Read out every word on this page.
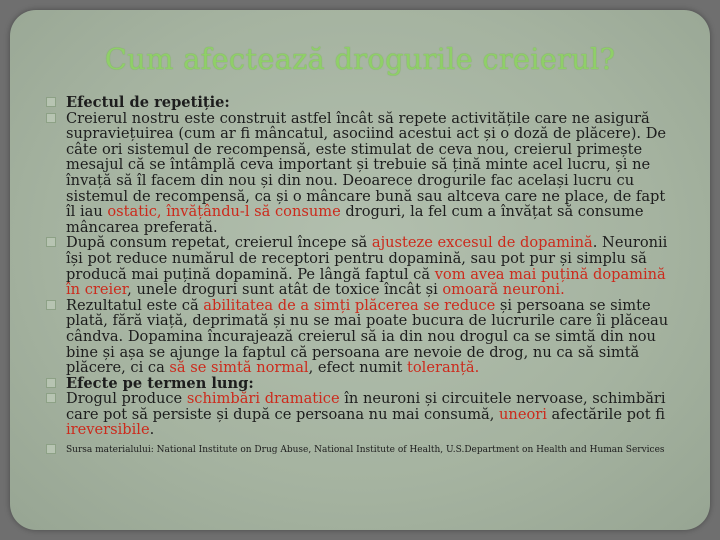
Cum afectează drogurile creierul?
Efectul de repetiție:
Creierul nostru este construit astfel încât să repete activitățile care ne asigură supraviețuirea (cum ar fi mâncatul, asociind acestui act și o doză de plăcere). De câte ori sistemul de recompensă, este stimulat de ceva nou, creierul primește mesajul că se întâmplă ceva important și trebuie să țină minte acel lucru, și ne învață să îl facem din nou și din nou. Deoarece drogurile fac același lucru cu sistemul de recompensă, ca și o mâncare bună sau altceva care ne place, de fapt îl iau ostatic, învățându-l să consume droguri, la fel cum a învățat să consume mâncarea preferată.
După consum repetat, creierul începe să ajusteze excesul de dopamină. Neuronii își pot reduce numărul de receptori pentru dopamină, sau pot pur și simplu să producă mai puțină dopamină. Pe lângă faptul că vom avea mai puțină dopamină în creier, unele droguri sunt atât de toxice încât și omoară neuroni.
Rezultatul este că abilitatea de a simți plăcerea se reduce și persoana se simte plată, fără viață, deprimată și nu se mai poate bucura de lucrurile care îi plăceau cândva. Dopamina încurajează creierul să ia din nou drogul ca se simtă din nou bine și așa se ajunge la faptul că persoana are nevoie de drog, nu ca să simtă plăcere, ci ca să se simtă normal, efect numit toleranță.
Efecte pe termen lung:
Drogul produce schimbări dramatice în neuroni și circuitele nervoase, schimbări care pot să persiste și după ce persoana nu mai consumă, uneori afectările pot fi ireversibile.
Sursa materialului: National Institute on Drug Abuse, National Institute of Health, U.S.Department on Health and Human Services
